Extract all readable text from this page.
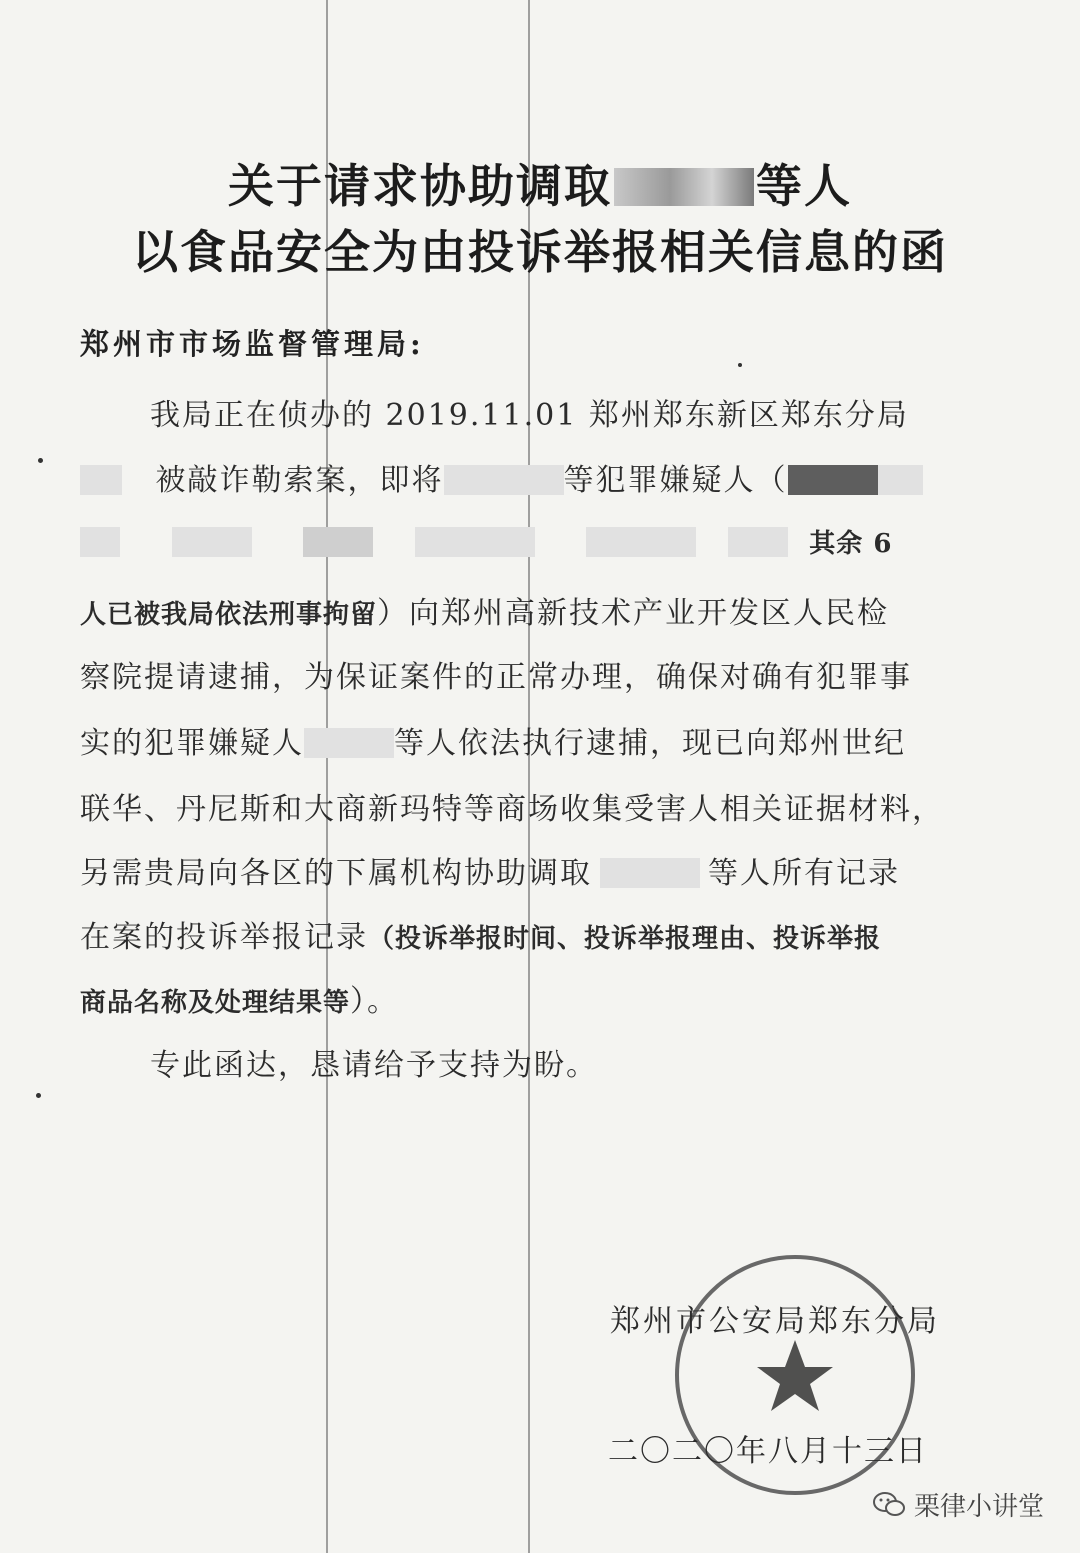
关于请求协助调取	等人
以食品安全为由投诉举报相关信息的函
郑州市市场监督管理局:
我局正在侦办的 2019.11.01 郑州郑东新区郑东分局
被敲诈勒索案，即将	等犯罪嫌疑人（
其余 6
人已被我局依法刑事拘留）向郑州高新技术产业开发区人民检
察院提请逮捕，为保证案件的正常办理，确保对确有犯罪事
实的犯罪嫌疑人	等人依法执行逮捕，现已向郑州世纪
联华、丹尼斯和大商新玛特等商场收集受害人相关证据材料，
另需贵局向各区的下属机构协助调取	等人所有记录
在案的投诉举报记录（投诉举报时间、投诉举报理由、投诉举报
商品名称及处理结果等）。
专此函达，恳请给予支持为盼。
郑州市公安局郑东分局
二〇二〇年八月十三日
栗律小讲堂
